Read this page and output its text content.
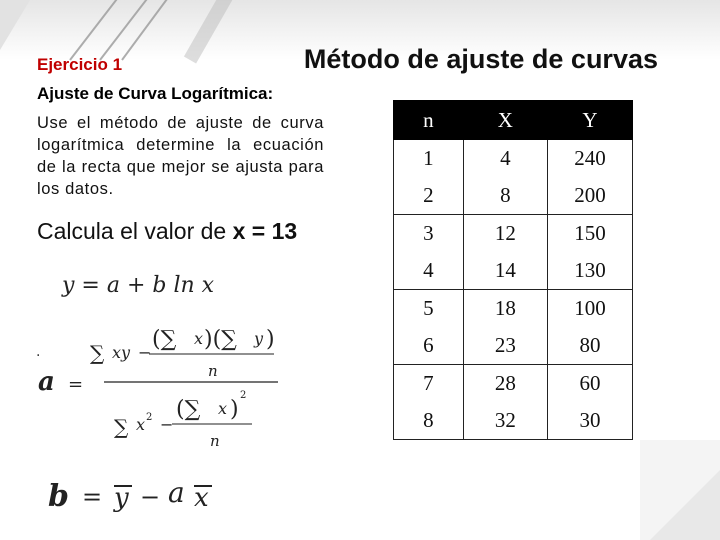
Ejercicio 1	Método de ajuste de curvas
Ajuste de Curva Logarítmica:
Use el método de ajuste de curva logarítmica determine la ecuación de la recta que mejor se ajusta para los datos.
Calcula el valor de x = 13
y = a + b ln x
.
a =
∑ xy −
(∑ x )(∑ y )
n
∑ x 2 −
(∑ x )
2
n
b = y − a x
n	X	Y
1	4	240
2	8	200
3	12	150
4	14	130
5	18	100
6	23	80
7	28	60
8	32	30
